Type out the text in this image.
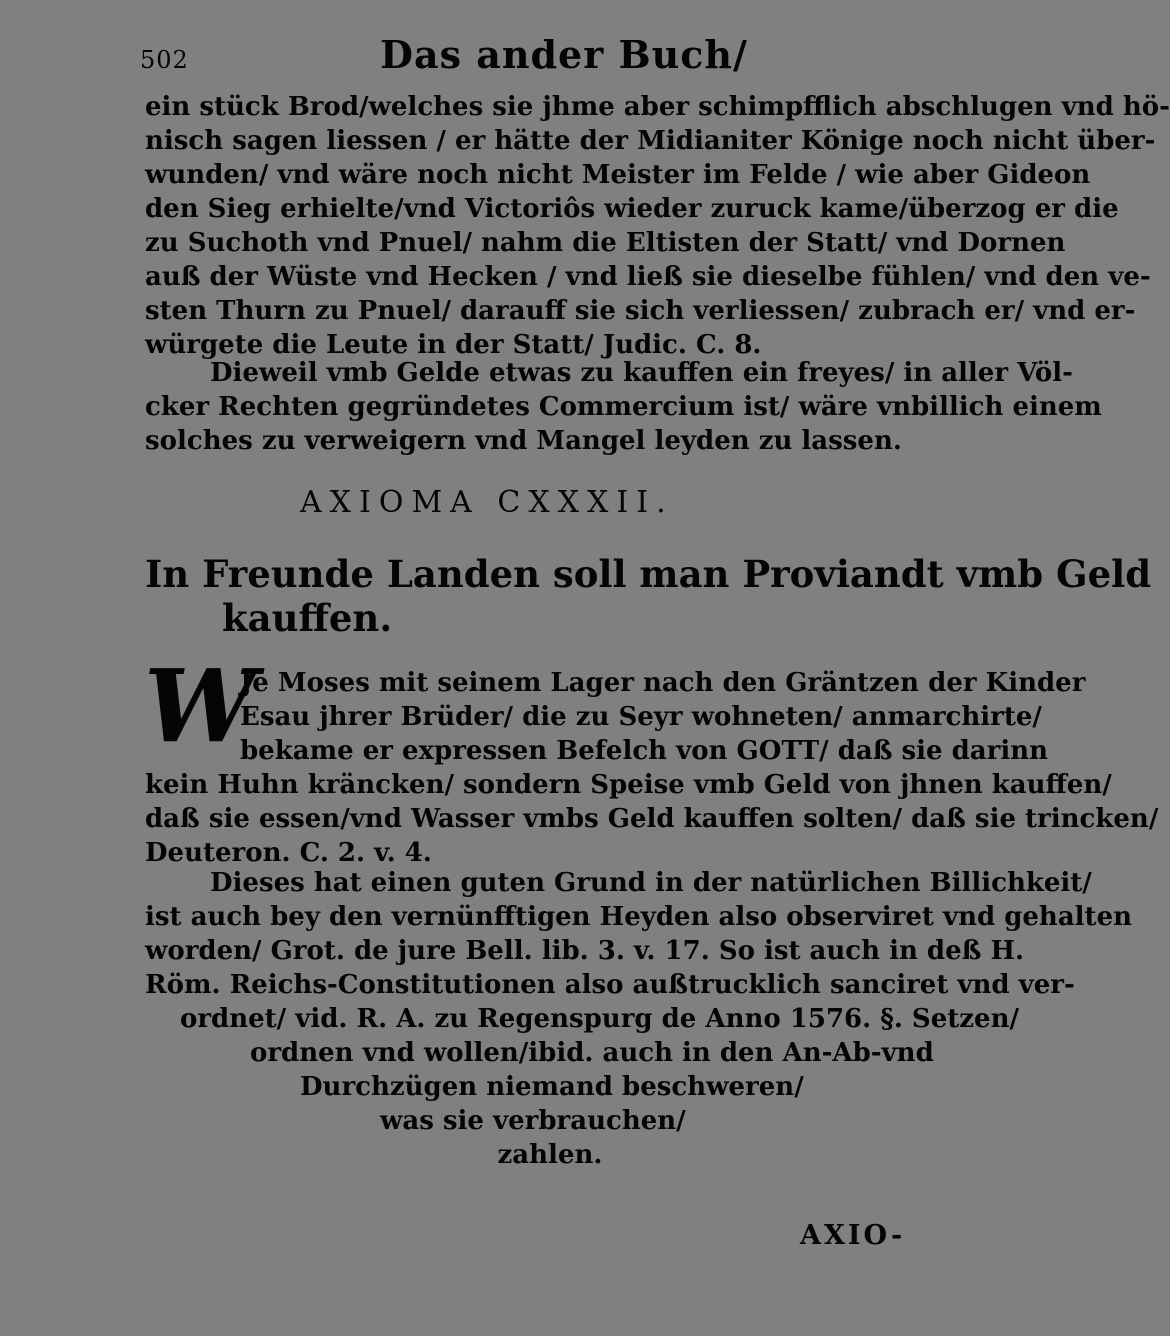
502	Das ander Buch/
ein stück Brod/welches sie jhme aber schimpfflich abschlugen vnd hö-
nisch sagen liessen / er hätte der Midianiter Könige noch nicht über-
wunden/ vnd wäre noch nicht Meister im Felde / wie aber Gideon
den Sieg erhielte/vnd Victoriôs wieder zuruck kame/überzog er die
zu Suchoth vnd Pnuel/ nahm die Eltisten der Statt/ vnd Dornen
auß der Wüste vnd Hecken / vnd ließ sie dieselbe fühlen/ vnd den ve-
sten Thurn zu Pnuel/ darauff sie sich verliessen/ zubrach er/ vnd er-
würgete die Leute in der Statt/ Judic. C. 8.
Dieweil vmb Gelde etwas zu kauffen ein freyes/ in aller Völ-
cker Rechten gegründetes Commercium ist/ wäre vnbillich einem
solches zu verweigern vnd Mangel leyden zu lassen.
AXIOMA CXXXII.
In Freunde Landen soll man Proviandt vmb Geld
kauffen.
W
Je Moses mit seinem Lager nach den Gräntzen der Kinder
Esau jhrer Brüder/ die zu Seyr wohneten/ anmarchirte/
bekame er expressen Befelch von GOTT/ daß sie darinn
kein Huhn kräncken/ sondern Speise vmb Geld von jhnen kauffen/
daß sie essen/vnd Wasser vmbs Geld kauffen solten/ daß sie trincken/
Deuteron. C. 2. v. 4.
Dieses hat einen guten Grund in der natürlichen Billichkeit/
ist auch bey den vernünfftigen Heyden also observiret vnd gehalten
worden/ Grot. de jure Bell. lib. 3. v. 17. So ist auch in deß H.
Röm. Reichs-Constitutionen also außtrucklich sanciret vnd ver-
ordnet/ vid. R. A. zu Regenspurg de Anno 1576. §. Setzen/
ordnen vnd wollen/ibid. auch in den An-Ab-vnd
Durchzügen niemand beschweren/
was sie verbrauchen/
zahlen.
AXIO-
